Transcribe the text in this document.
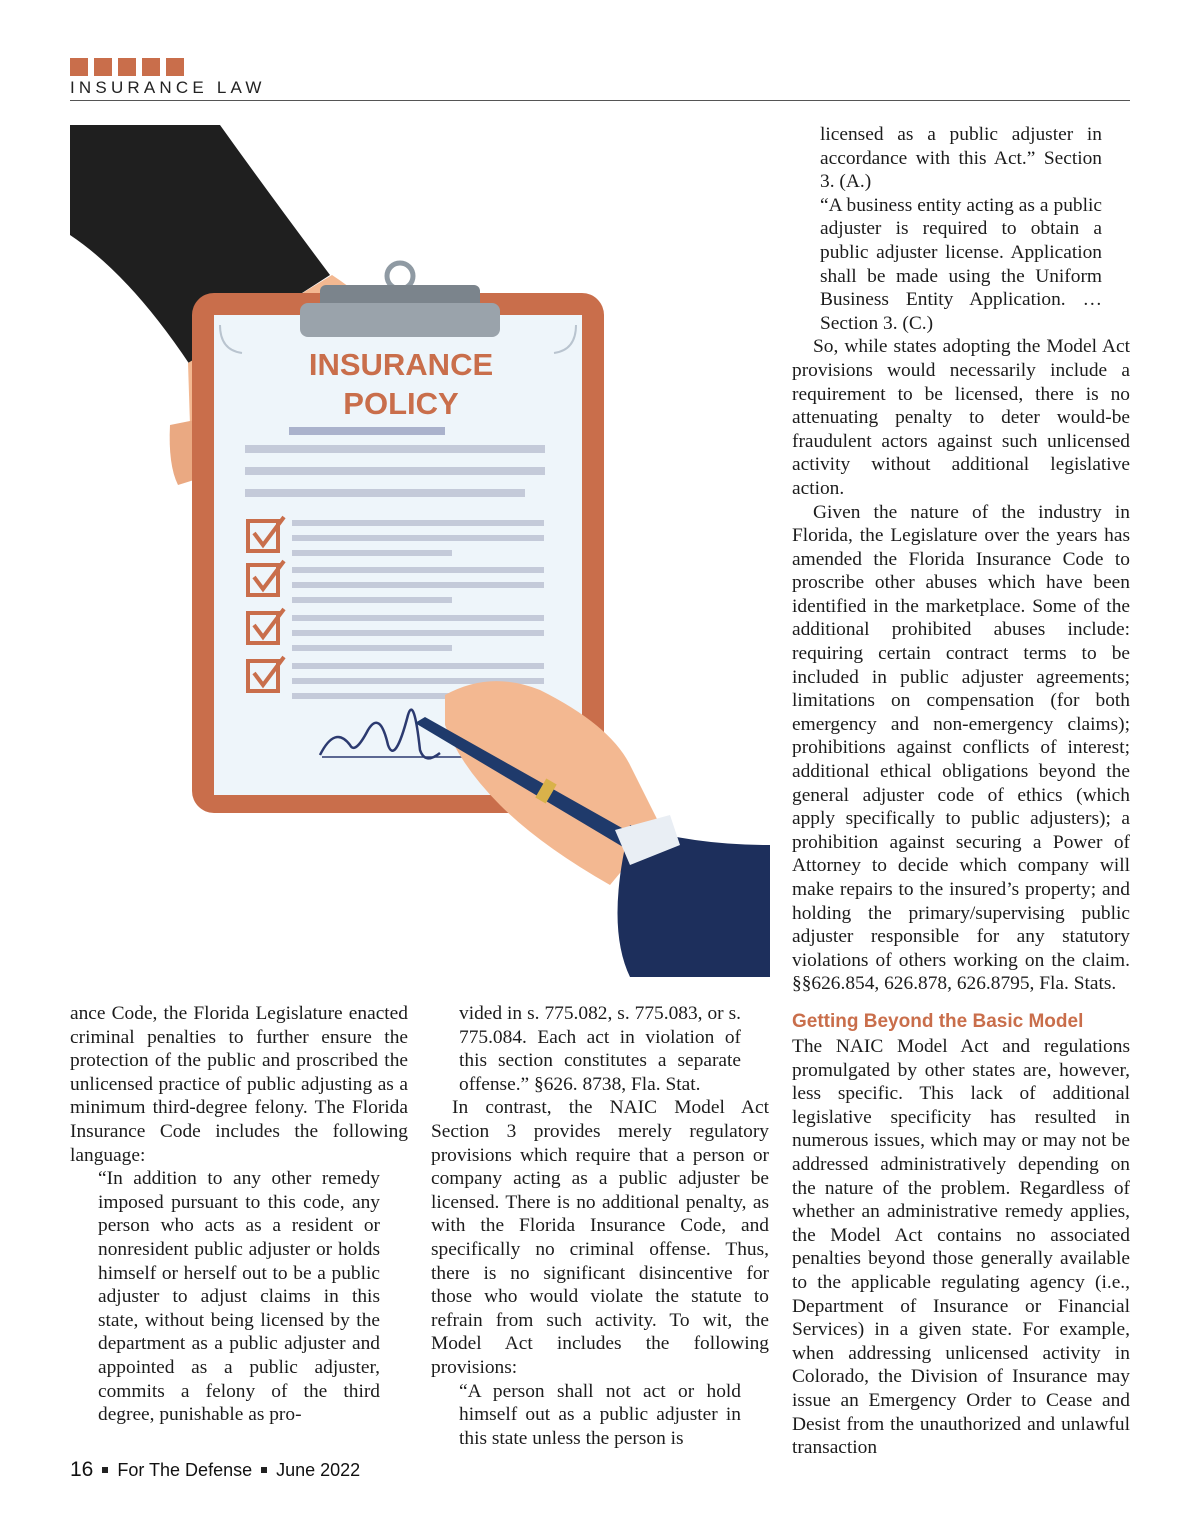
INSURANCE LAW
INSURANCE
POLICY

ance Code, the Florida Legislature enacted criminal penalties to further ensure the protection of the public and proscribed the unlicensed practice of public adjusting as a minimum third-degree felony. The Florida Insurance Code includes the following language:

“In addition to any other remedy imposed pursuant to this code, any person who acts as a resident or nonresident public adjuster or holds himself or herself out to be a public adjuster to adjust claims in this state, without being licensed by the department as a public adjuster and appointed as a public adjuster, commits a felony of the third degree, punishable as pro-

vided in s. 775.082, s. 775.083, or s. 775.084. Each act in violation of this section constitutes a separate offense.” §626. 8738, Fla. Stat.

In contrast, the NAIC Model Act Section 3 provides merely regulatory provisions which require that a person or company acting as a public adjuster be licensed. There is no additional penalty, as with the Florida Insurance Code, and specifically no criminal offense. Thus, there is no significant disincentive for those who would violate the statute to refrain from such activity. To wit, the Model Act includes the following provisions:

“A person shall not act or hold himself out as a public adjuster in this state unless the person is

licensed as a public adjuster in accordance with this Act.” Section 3. (A.)

“A business entity acting as a public adjuster is required to obtain a public adjuster license. Application shall be made using the Uniform Business Entity Application. … Section 3. (C.)

So, while states adopting the Model Act provisions would necessarily include a requirement to be licensed, there is no attenuating penalty to deter would-be fraudulent actors against such unlicensed activity without additional legislative action.

Given the nature of the industry in Florida, the Legislature over the years has amended the Florida Insurance Code to proscribe other abuses which have been identified in the marketplace. Some of the additional prohibited abuses include: requiring certain contract terms to be included in public adjuster agreements; limitations on compensation (for both emergency and non-emergency claims); prohibitions against conflicts of interest; additional ethical obligations beyond the general adjuster code of ethics (which apply specifically to public adjusters); a prohibition against securing a Power of Attorney to decide which company will make repairs to the insured’s property; and holding the primary/supervising public adjuster responsible for any statutory violations of others working on the claim. §§626.854, 626.878, 626.8795, Fla. Stats.

Getting Beyond the Basic Model

The NAIC Model Act and regulations promulgated by other states are, however, less specific. This lack of additional legislative specificity has resulted in numerous issues, which may or may not be addressed administratively depending on the nature of the problem. Regardless of whether an administrative remedy applies, the Model Act contains no associated penalties beyond those generally available to the applicable regulating agency (i.e., Department of Insurance or Financial Services) in a given state. For example, when addressing unlicensed activity in Colorado, the Division of Insurance may issue an Emergency Order to Cease and Desist from the unauthorized and unlawful transaction

16 For The Defense June 2022
